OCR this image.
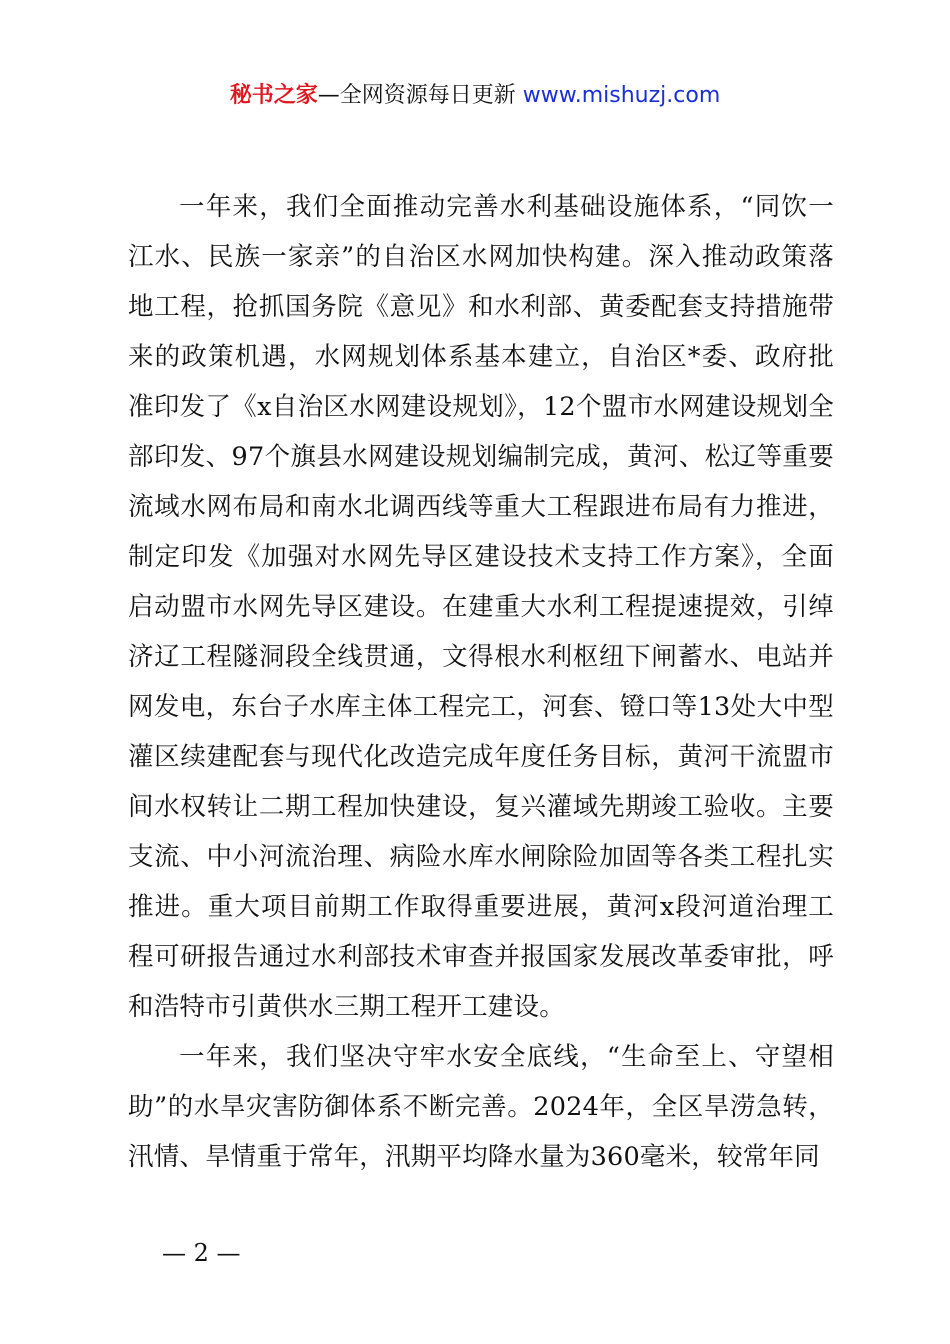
秘书之家—全网资源每日更新 www.mishuzj.com

一年来，我们全面推动完善水利基础设施体系，“同饮一江水、民族一家亲”的自治区水网加快构建。深入推动政策落地工程，抢抓国务院《意见》和水利部、黄委配套支持措施带来的政策机遇，水网规划体系基本建立，自治区*委、政府批准印发了《x自治区水网建设规划》，12个盟市水网建设规划全部印发、97个旗县水网建设规划编制完成，黄河、松辽等重要流域水网布局和南水北调西线等重大工程跟进布局有力推进，制定印发《加强对水网先导区建设技术支持工作方案》，全面启动盟市水网先导区建设。在建重大水利工程提速提效，引绰济辽工程隧洞段全线贯通，文得根水利枢纽下闸蓄水、电站并网发电，东台子水库主体工程完工，河套、镫口等13处大中型灌区续建配套与现代化改造完成年度任务目标，黄河干流盟市间水权转让二期工程加快建设，复兴灌域先期竣工验收。主要支流、中小河流治理、病险水库水闸除险加固等各类工程扎实推进。重大项目前期工作取得重要进展，黄河x段河道治理工程可研报告通过水利部技术审查并报国家发展改革委审批，呼和浩特市引黄供水三期工程开工建设。

一年来，我们坚决守牢水安全底线，“生命至上、守望相助”的水旱灾害防御体系不断完善。2024年，全区旱涝急转，汛情、旱情重于常年，汛期平均降水量为360毫米，较常年同

— 2 —
